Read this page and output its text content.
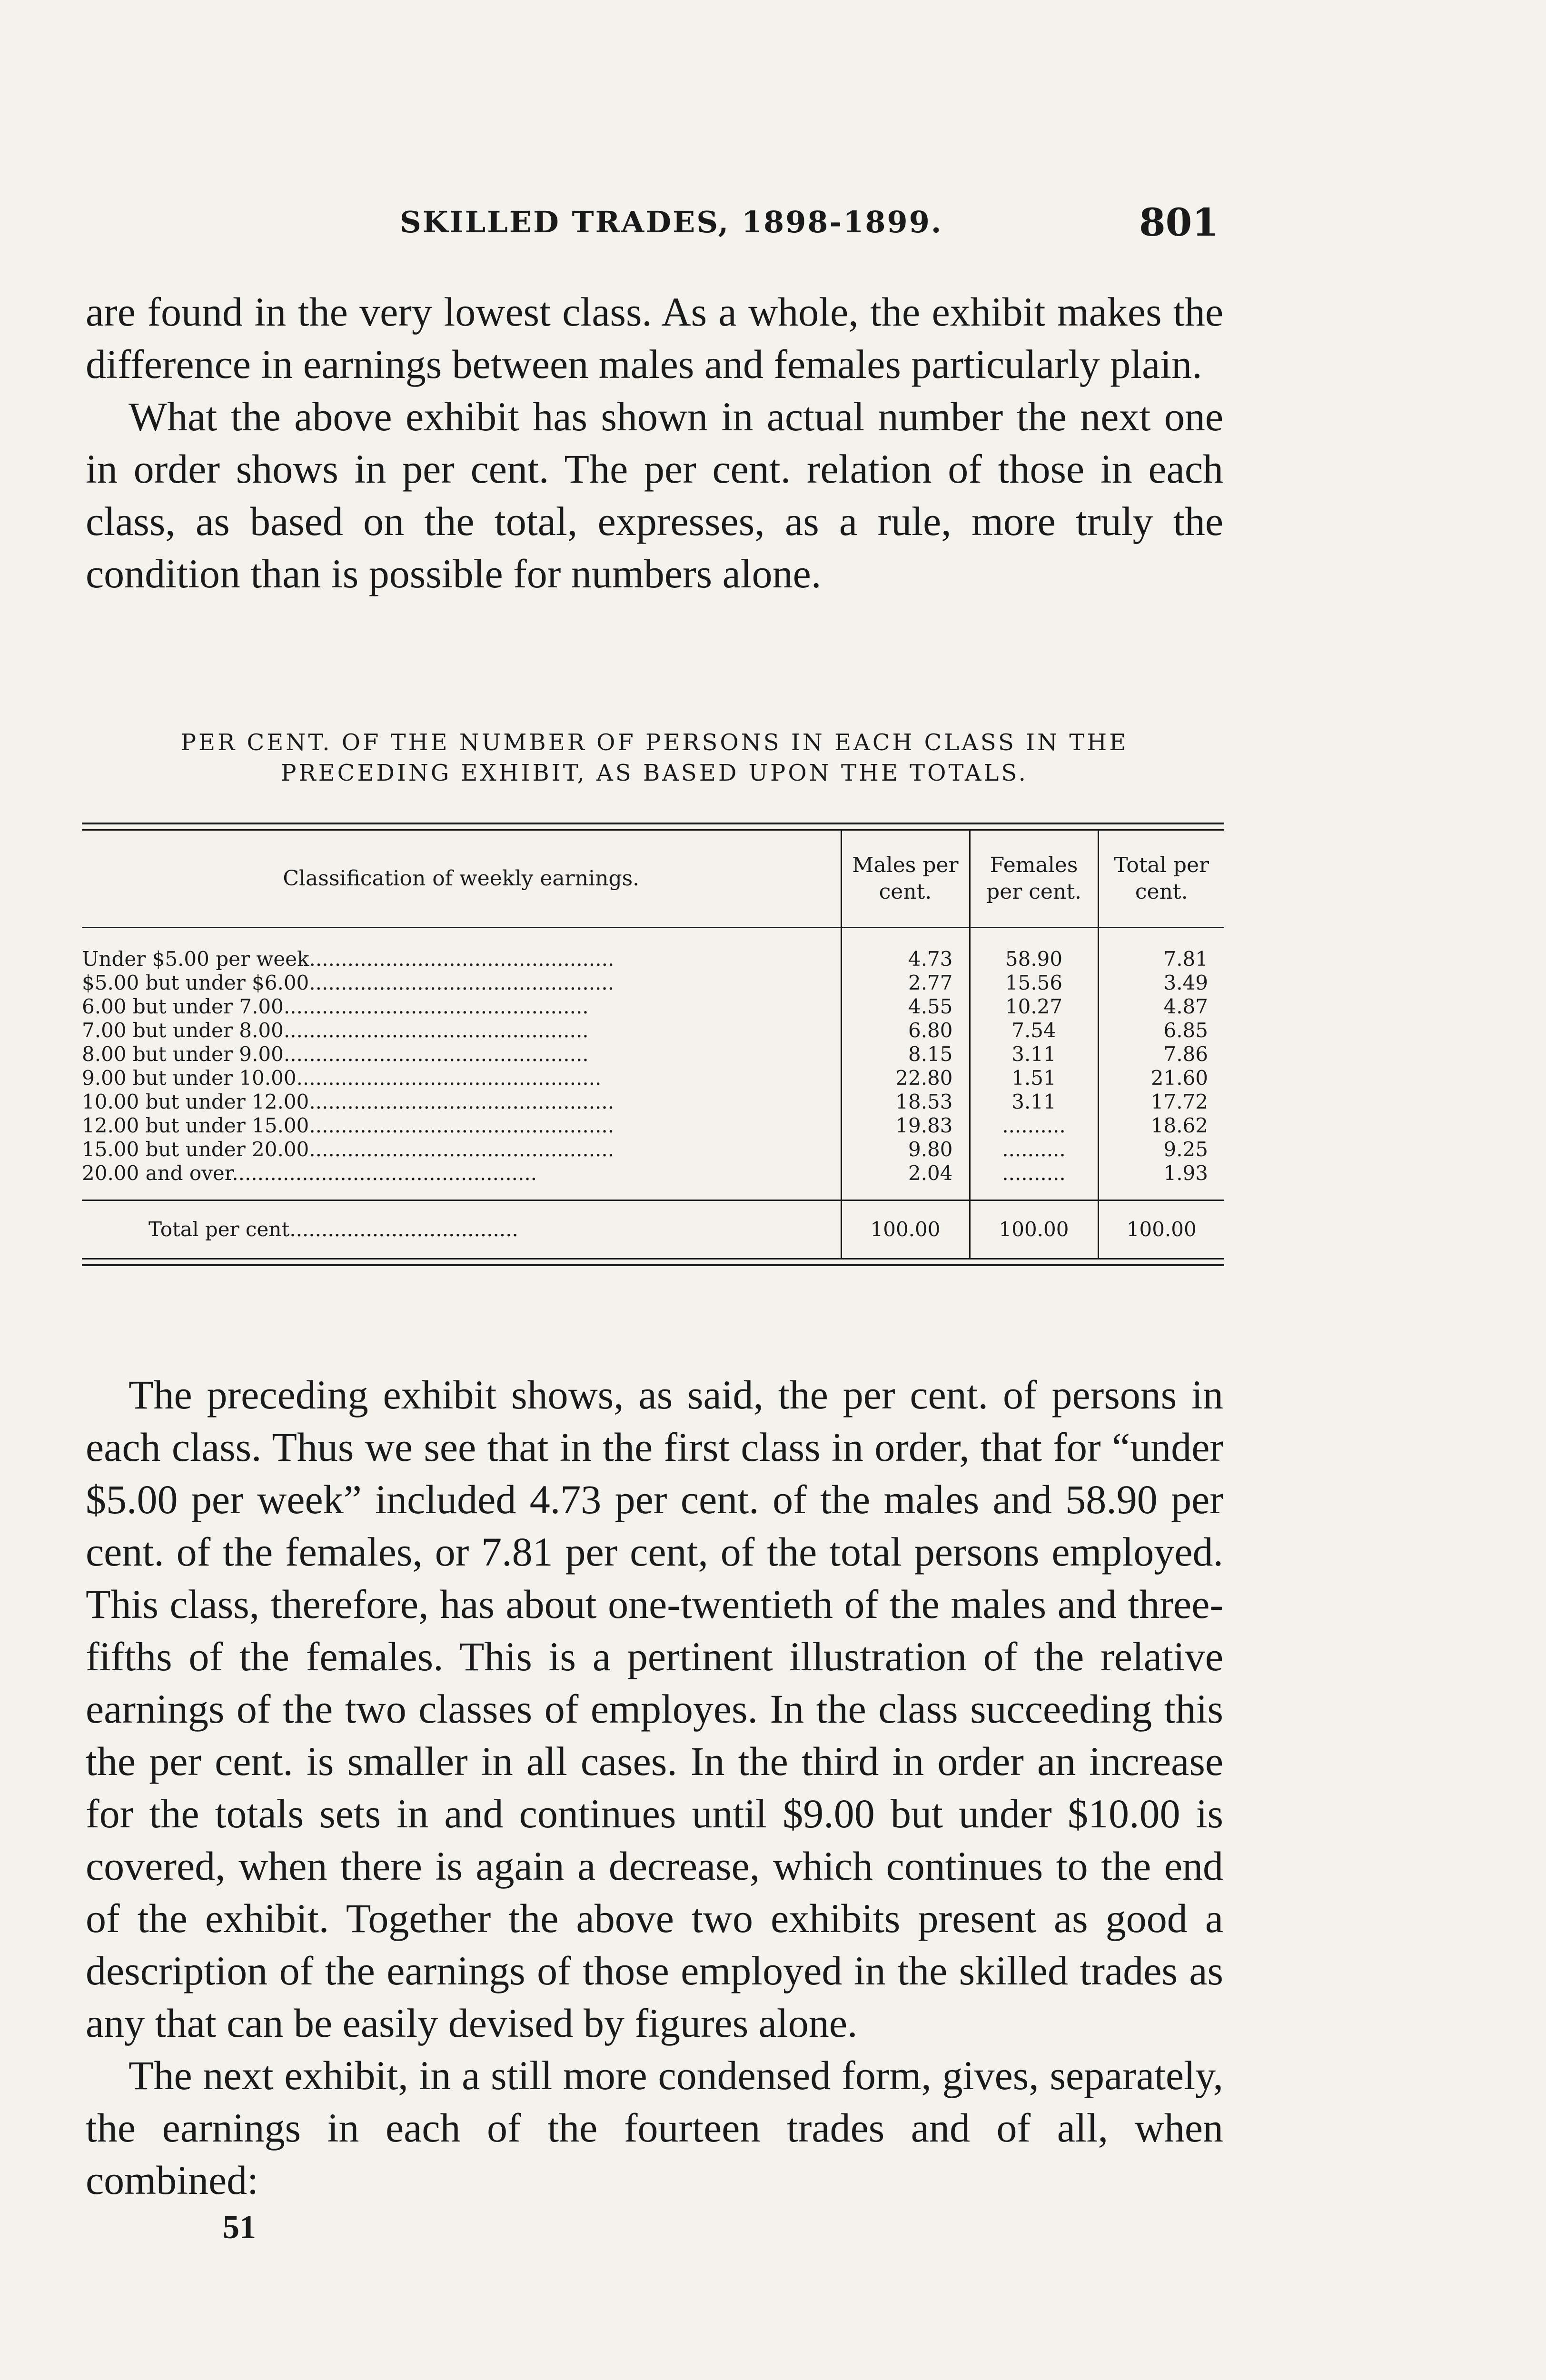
SKILLED TRADES, 1898-1899.	801

are found in the very lowest class. As a whole, the exhibit makes the difference in earnings between males and females particularly plain.

What the above exhibit has shown in actual number the next one in order shows in per cent. The per cent. relation of those in each class, as based on the total, expresses, as a rule, more truly the condition than is possible for numbers alone.

PER CENT. OF THE NUMBER OF PERSONS IN EACH CLASS IN THE
PRECEDING EXHIBIT, AS BASED UPON THE TOTALS.
Classification of weekly earnings.	Males per cent.	Females per cent.	Total per cent.
Under $5.00 per week................................................	4.73	58.90	7.81
$5.00 but under $6.00................................................	2.77	15.56	3.49
6.00 but under 7.00................................................	4.55	10.27	4.87
7.00 but under 8.00................................................	6.80	7.54	6.85
8.00 but under 9.00................................................	8.15	3.11	7.86
9.00 but under 10.00................................................	22.80	1.51	21.60
10.00 but under 12.00................................................	18.53	3.11	17.72
12.00 but under 15.00................................................	19.83	..........	18.62
15.00 but under 20.00................................................	9.80	..........	9.25
20.00 and over................................................	2.04	..........	1.93

Total per cent....................................	100.00	100.00	100.00

The preceding exhibit shows, as said, the per cent. of persons in each class. Thus we see that in the first class in order, that for “under $5.00 per week” included 4.73 per cent. of the males and 58.90 per cent. of the females, or 7.81 per cent, of the total persons employed. This class, therefore, has about one-twentieth of the males and three-fifths of the females. This is a pertinent illustration of the relative earnings of the two classes of employes. In the class succeeding this the per cent. is smaller in all cases. In the third in order an increase for the totals sets in and continues until $9.00 but under $10.00 is covered, when there is again a decrease, which continues to the end of the exhibit. Together the above two exhibits present as good a description of the earnings of those employed in the skilled trades as any that can be easily devised by figures alone.

The next exhibit, in a still more condensed form, gives, separately, the earnings in each of the fourteen trades and of all, when combined:

51
